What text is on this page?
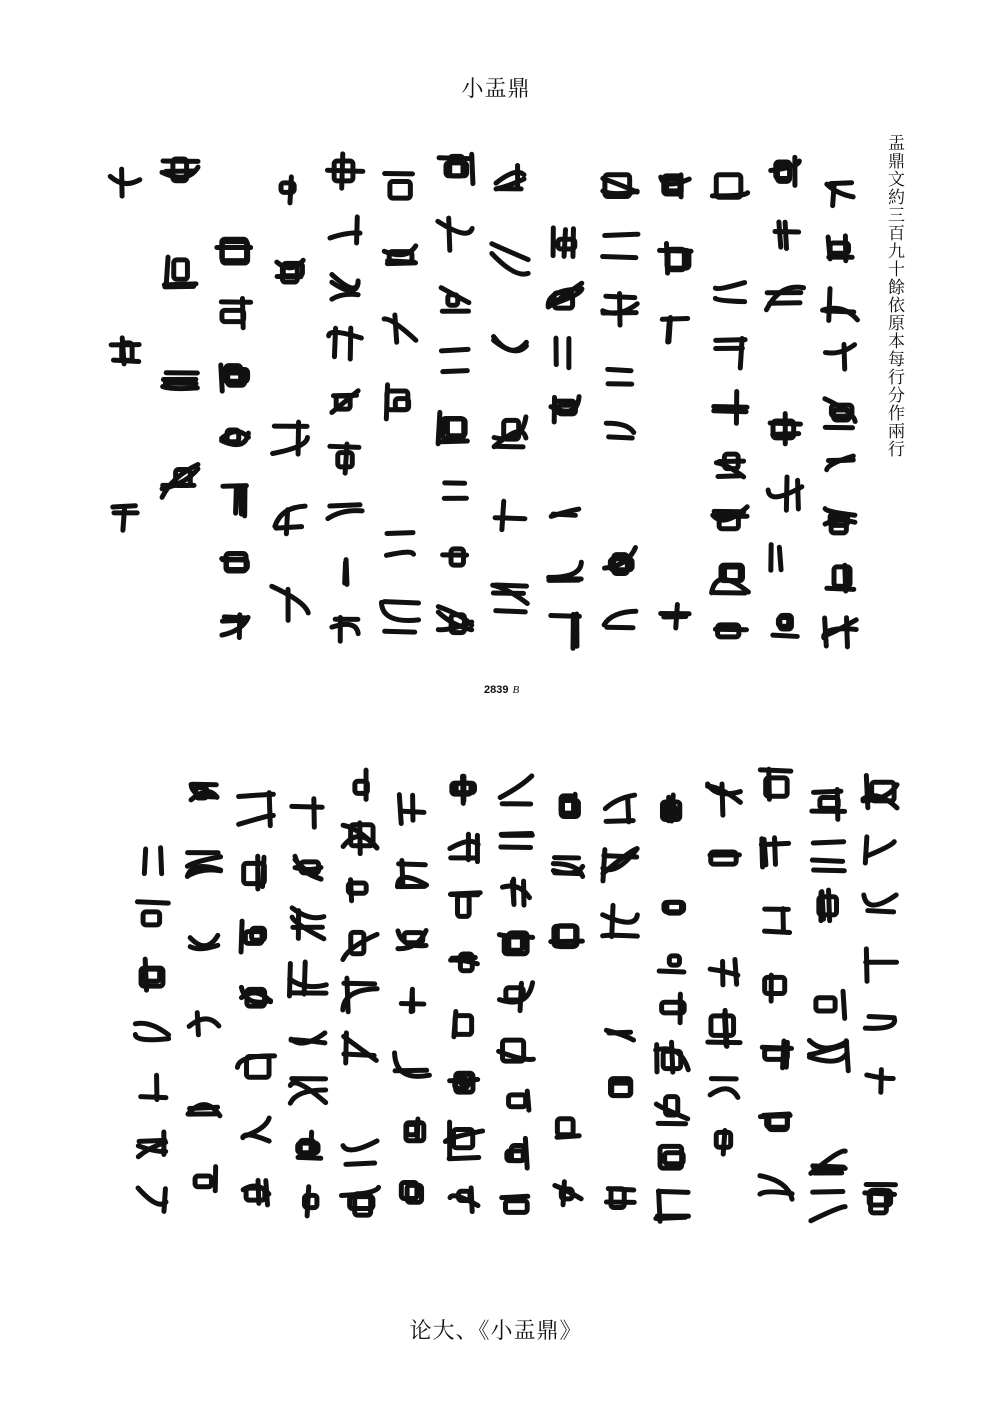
小盂鼎
盂鼎文約三百九十餘依原本每行分作兩行
2839 B
论大、《小盂鼎》
